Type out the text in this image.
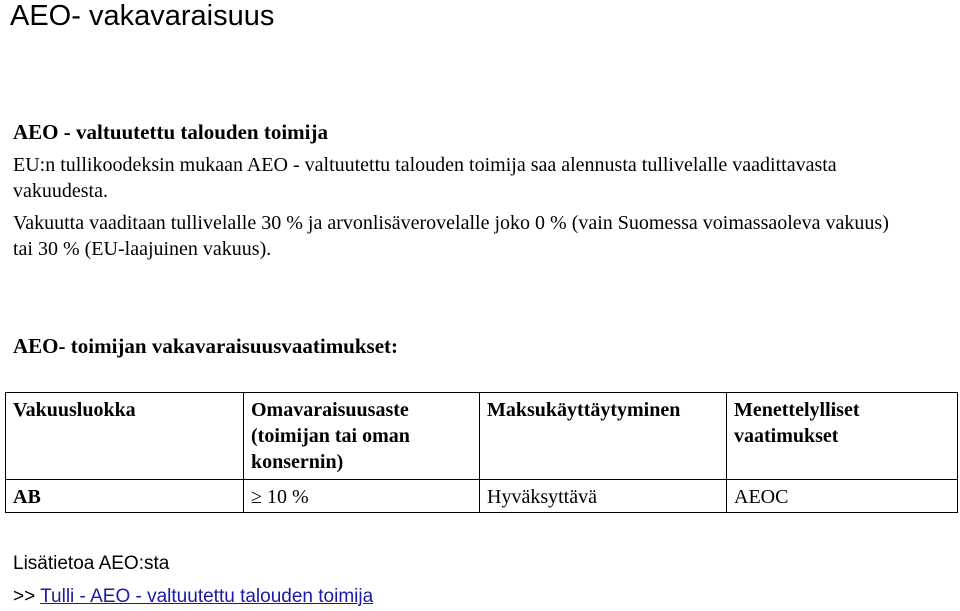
AEO- vakavaraisuus

AEO - valtuutettu talouden toimija

EU:n tullikoodeksin mukaan AEO - valtuutettu talouden toimija saa alennusta tullivelalle vaadittavasta vakuudesta.

Vakuutta vaaditaan tullivelalle 30 % ja arvonlisäverovelalle joko 0 % (vain Suomessa voimassaoleva vakuus) tai 30 % (EU-laajuinen vakuus).

AEO- toimijan vakavaraisuusvaatimukset:

Vakuusluokka	Omavaraisuusaste (toimijan tai oman konsernin)	Maksukäyttäytyminen	Menettelylliset vaatimukset
AB	≥ 10 %	Hyväksyttävä	AEOC

Lisätietoa AEO:sta

>> Tulli - AEO - valtuutettu talouden toimija
